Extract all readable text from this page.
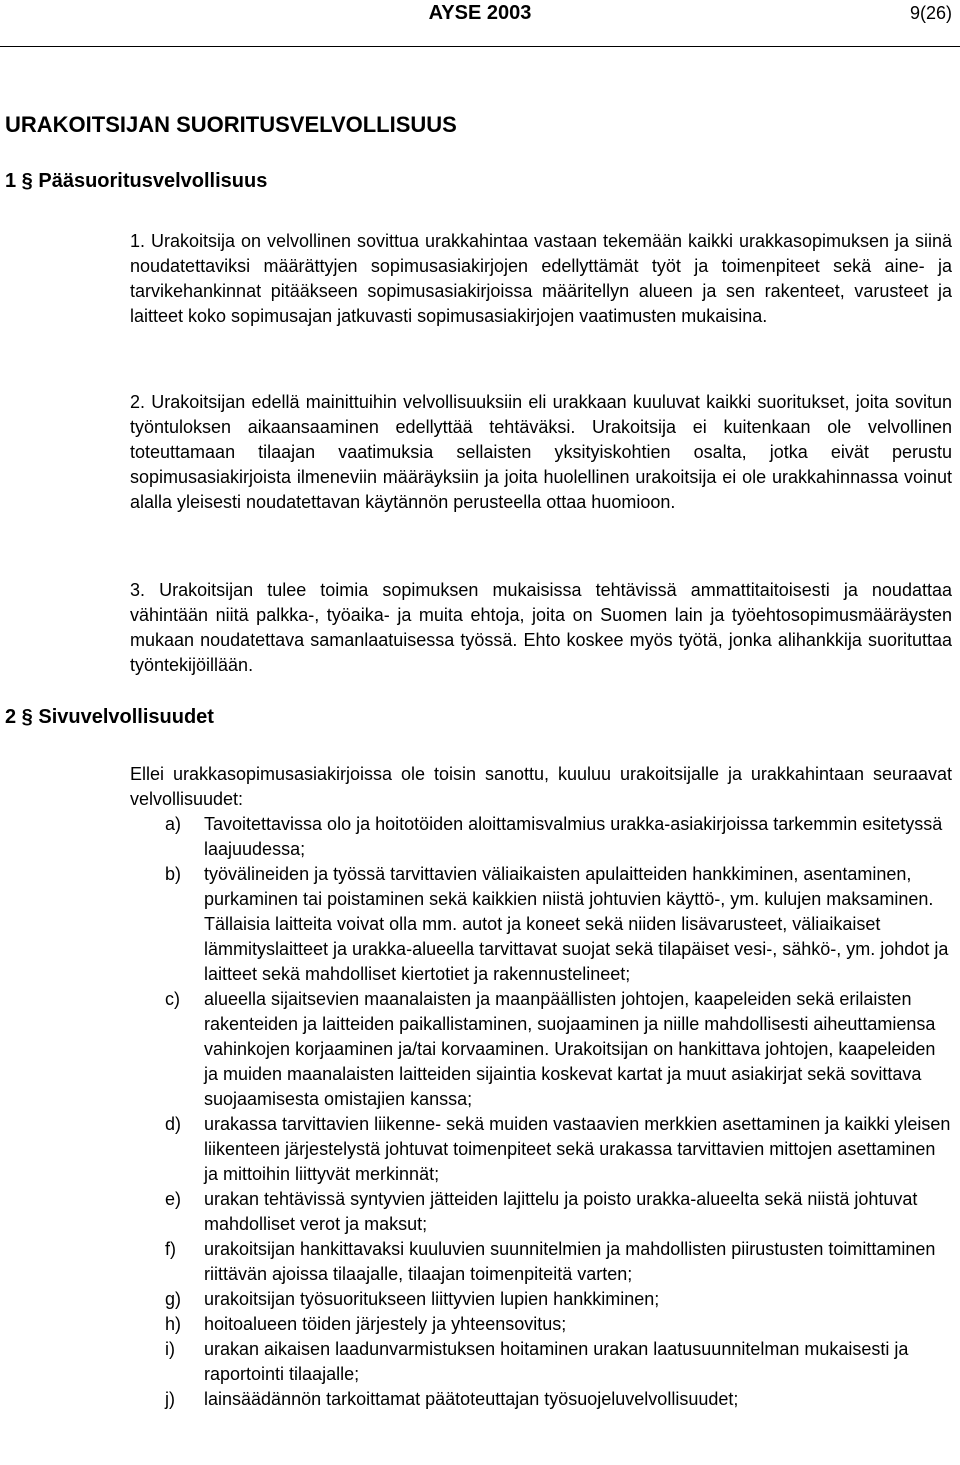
AYSE 2003	9(26)
URAKOITSIJAN SUORITUSVELVOLLISUUS
1 § Pääsuoritusvelvollisuus

1. Urakoitsija on velvollinen sovittua urakkahintaa vastaan tekemään kaikki urakkasopimuksen ja siinä noudatettaviksi määrättyjen sopimusasiakirjojen edellyttämät työt ja toimenpiteet sekä aine- ja tarvikehankinnat pitääkseen sopimusasiakirjoissa määritellyn alueen ja sen rakenteet, varusteet ja laitteet koko sopimusajan jatkuvasti sopimusasiakirjojen vaatimusten mukaisina.

2. Urakoitsijan edellä mainittuihin velvollisuuksiin eli urakkaan kuuluvat kaikki suoritukset, joita sovitun työntuloksen aikaansaaminen edellyttää tehtäväksi. Urakoitsija ei kuitenkaan ole velvollinen toteuttamaan tilaajan vaatimuksia sellaisten yksityiskohtien osalta, jotka eivät perustu sopimusasiakirjoista ilmeneviin määräyksiin ja joita huolellinen urakoitsija ei ole urakkahinnassa voinut alalla yleisesti noudatettavan käytännön perusteella ottaa huomioon.

3. Urakoitsijan tulee toimia sopimuksen mukaisissa tehtävissä ammattitaitoisesti ja noudattaa vähintään niitä palkka-, työaika- ja muita ehtoja, joita on Suomen lain ja työehtosopimusmääräysten mukaan noudatettava samanlaatuisessa työssä. Ehto koskee myös työtä, jonka alihankkija suorituttaa työntekijöillään.

2 § Sivuvelvollisuudet

Ellei urakkasopimusasiakirjoissa ole toisin sanottu, kuuluu urakoitsijalle ja urakkahintaan seuraavat velvollisuudet:

a) Tavoitettavissa olo ja hoitotöiden aloittamisvalmius urakka-asiakirjoissa tarkemmin esitetyssä laajuudessa;
b) työvälineiden ja työssä tarvittavien väliaikaisten apulaitteiden hankkiminen, asentaminen, purkaminen tai poistaminen sekä kaikkien niistä johtuvien käyttö-, ym. kulujen maksaminen. Tällaisia laitteita voivat olla mm. autot ja koneet sekä niiden lisävarusteet, väliaikaiset lämmityslaitteet ja urakka-alueella tarvittavat suojat sekä tilapäiset vesi-, sähkö-, ym. johdot ja laitteet sekä mahdolliset kiertotiet ja rakennustelineet;
c) alueella sijaitsevien maanalaisten ja maanpäällisten johtojen, kaapeleiden sekä erilaisten rakenteiden ja laitteiden paikallistaminen, suojaaminen ja niille mahdollisesti aiheuttamiensa vahinkojen korjaaminen ja/tai korvaaminen. Urakoitsijan on hankittava johtojen, kaapeleiden ja muiden maanalaisten laitteiden sijaintia koskevat kartat ja muut asiakirjat sekä sovittava suojaamisesta omistajien kanssa;
d) urakassa tarvittavien liikenne- sekä muiden vastaavien merkkien asettaminen ja kaikki yleisen liikenteen järjestelystä johtuvat toimenpiteet sekä urakassa tarvittavien mittojen asettaminen ja mittoihin liittyvät merkinnät;
e) urakan tehtävissä syntyvien jätteiden lajittelu ja poisto urakka-alueelta sekä niistä johtuvat mahdolliset verot ja maksut;
f) urakoitsijan hankittavaksi kuuluvien suunnitelmien ja mahdollisten piirustusten toimittaminen riittävän ajoissa tilaajalle, tilaajan toimenpiteitä varten;
g) urakoitsijan työsuoritukseen liittyvien lupien hankkiminen;
h) hoitoalueen töiden järjestely ja yhteensovitus;
i) urakan aikaisen laadunvarmistuksen hoitaminen urakan laatusuunnitelman mukaisesti ja raportointi tilaajalle;
j) lainsäädännön tarkoittamat päätoteuttajan työsuojeluvelvollisuudet;
